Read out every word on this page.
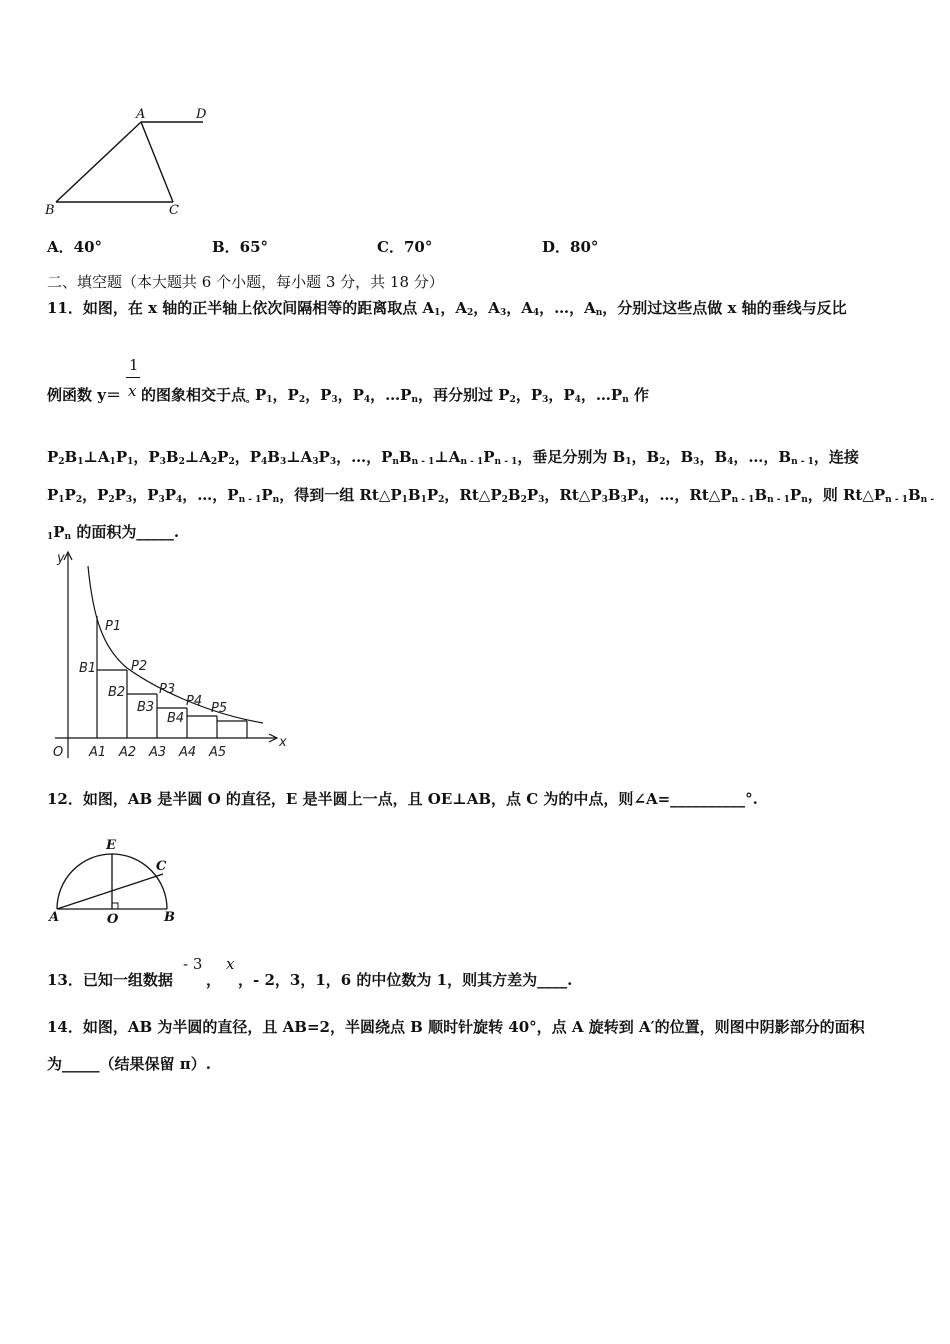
A	D
B	C
A．40°	B．65°	C．70°	D．80°
二、填空题（本大题共 6 个小题，每小题 3 分，共 18 分）
11．如图，在 x 轴的正半轴上依次间隔相等的距离取点 $A_1$，$A_2$，$A_3$，$A_4$，…，$A_n$，分别过这些点做 x 轴的垂线与反比
1
x
例函数 y＝ 的图象相交于点$_。P_1$，$P_2$，$P_3$，$P_4$，$\dots P_n$，再分别过 $P_2$，$P_3$，$P_4$，$\dots P_n$ 作
$P_2B_1\perp A_1P_1$，$P_3B_2\perp A_2P_2$，$P_4B_3\perp A_3P_3$，…，$P_nB_{n - 1}\perp A_{n - 1}P_{n - 1}$，垂足分别为 $B_1$，$B_2$，$B_3$，$B_4$，…，$B_{n - 1}$，连接
$P_1P_2$，$P_2P_3$，$P_3P_4$，…，$P_{n - 1}P_n$，得到一组 $Rt\triangle P_1B_1P_2$，$Rt\triangle P_2B_2P_3$，$Rt\triangle P_3B_3P_4$，…，$Rt\triangle P_{n - 1}B_{n - 1}P_n$，则 $Rt\triangle P_{n - 1}B_{n -}$
$_1P_n$ 的面积为_____.
y
x
O
P1
P2
P3
P4 P5
B1
B2
B3
B4
A1 A2 A3 A4 A5
12．如图，AB 是半圆 O 的直径，E 是半圆上一点，且 OE⊥AB，点 C 为的中点，则∠A=__________°.
E
C
A	O	B
13．已知一组数据
- 3
，
x
，- 2，3，1，6 的中位数为 1，则其方差为____.
14．如图，AB 为半圆的直径，且 AB=2，半圆绕点 B 顺时针旋转 40°，点 A 旋转到 A′的位置，则图中阴影部分的面积
为_____（结果保留 π）.
